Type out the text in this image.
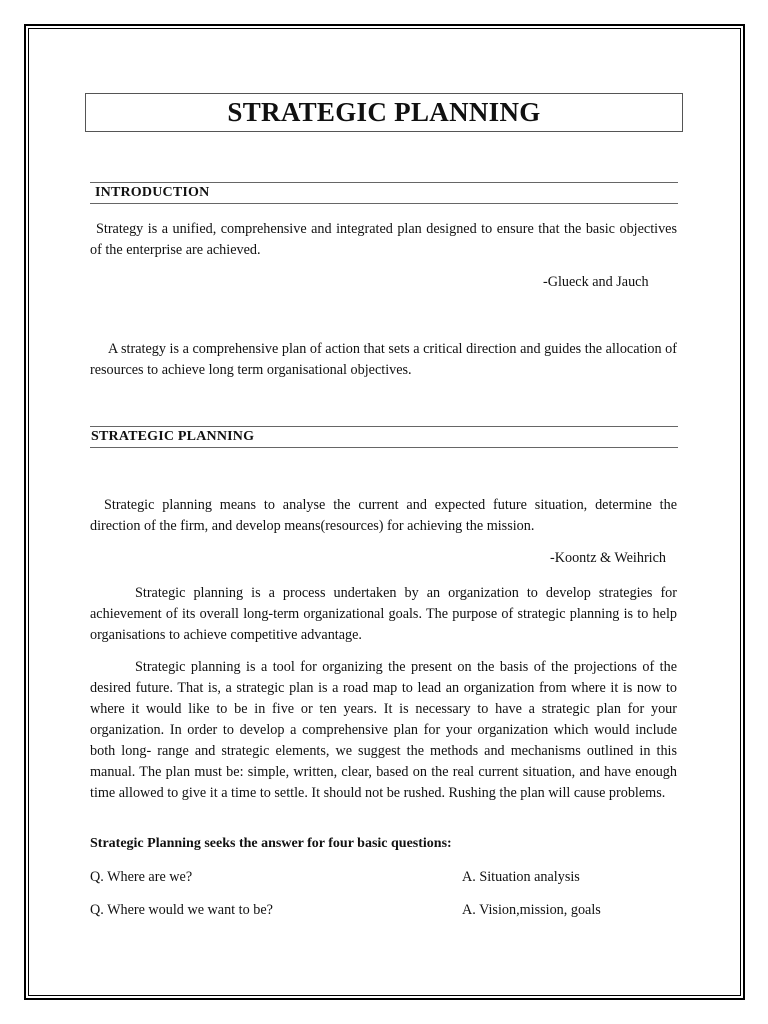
STRATEGIC PLANNING
INTRODUCTION
Strategy is a unified, comprehensive and integrated plan designed to ensure that the basic objectives of the enterprise are achieved.
-Glueck and Jauch
A strategy is a comprehensive plan of action that sets a critical direction and guides the allocation of resources to achieve long term organisational objectives.
STRATEGIC PLANNING
Strategic planning means to analyse the current and expected future situation, determine the direction of the firm, and develop means(resources) for achieving the mission.
-Koontz & Weihrich
Strategic planning is a process undertaken by an organization to develop strategies for achievement of its overall long-term organizational goals. The purpose of strategic planning is to help organisations to achieve competitive advantage.
Strategic planning is a tool for organizing the present on the basis of the projections of the desired future. That is, a strategic plan is a road map to lead an organization from where it is now to where it would like to be in five or ten years. It is necessary to have a strategic plan for your organization. In order to develop a comprehensive plan for your organization which would include both long- range and strategic elements, we suggest the methods and mechanisms outlined in this manual. The plan must be: simple, written, clear, based on the real current situation, and have enough time allowed to give it a time to settle. It should not be rushed. Rushing the plan will cause problems.
Strategic Planning seeks the answer for four basic questions:
Q. Where are we?	A. Situation analysis
Q. Where would we want to be?	A. Vision,mission, goals
